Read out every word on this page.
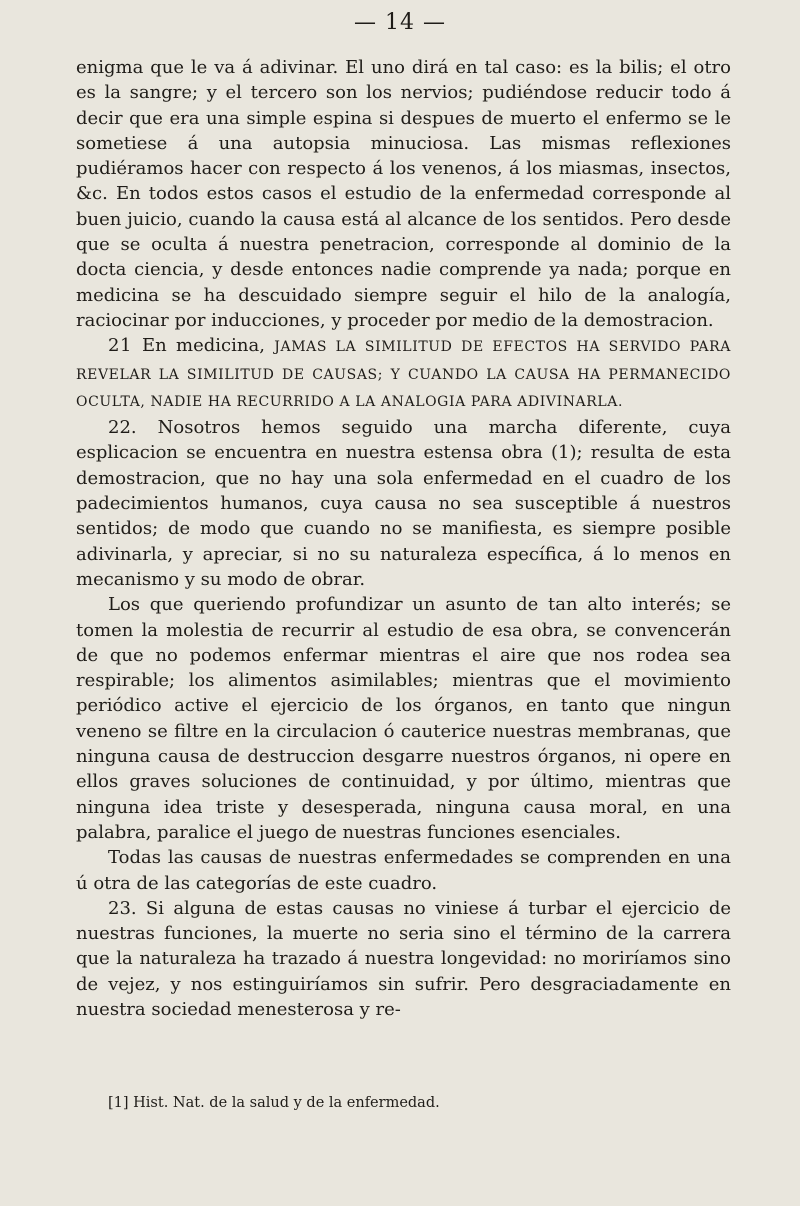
— 14 —

enigma que le va á adivinar. El uno dirá en tal caso: es la bilis; el otro es la sangre; y el tercero son los nervios; pudiéndose reducir todo á decir que era una simple espina si despues de muerto el enfermo se le sometiese á una autopsia minuciosa. Las mismas reflexiones pudiéramos hacer con respecto á los venenos, á los miasmas, insectos, &c. En todos estos casos el estudio de la enfermedad corresponde al buen juicio, cuando la causa está al alcance de los sentidos. Pero desde que se oculta á nuestra penetracion, corresponde al dominio de la docta ciencia, y desde entonces nadie comprende ya nada; porque en medicina se ha descuidado siempre seguir el hilo de la analogía, raciocinar por inducciones, y proceder por medio de la demostracion.

21 En medicina, JAMAS LA SIMILITUD DE EFECTOS HA SERVIDO PARA REVELAR LA SIMILITUD DE CAUSAS; Y CUANDO LA CAUSA HA PERMANECIDO OCULTA, NADIE HA RECURRIDO A LA ANALOGIA PARA ADIVINARLA.

22. Nosotros hemos seguido una marcha diferente, cuya esplicacion se encuentra en nuestra estensa obra (1); resulta de esta demostracion, que no hay una sola enfermedad en el cuadro de los padecimientos humanos, cuya causa no sea susceptible á nuestros sentidos; de modo que cuando no se manifiesta, es siempre posible adivinarla, y apreciar, si no su naturaleza específica, á lo menos en mecanismo y su modo de obrar.

Los que queriendo profundizar un asunto de tan alto interés; se tomen la molestia de recurrir al estudio de esa obra, se convencerán de que no podemos enfermar mientras el aire que nos rodea sea respirable; los alimentos asimilables; mientras que el movimiento periódico active el ejercicio de los órganos, en tanto que ningun veneno se filtre en la circulacion ó cauterice nuestras membranas, que ninguna causa de destruccion desgarre nuestros órganos, ni opere en ellos graves soluciones de continuidad, y por último, mientras que ninguna idea triste y desesperada, ninguna causa moral, en una palabra, paralice el juego de nuestras funciones esenciales.

Todas las causas de nuestras enfermedades se comprenden en una ú otra de las categorías de este cuadro.

23. Si alguna de estas causas no viniese á turbar el ejercicio de nuestras funciones, la muerte no seria sino el término de la carrera que la naturaleza ha trazado á nuestra longevidad: no moriríamos sino de vejez, y nos estinguiríamos sin sufrir. Pero desgraciadamente en nuestra sociedad menesterosa y re-

[1] Hist. Nat. de la salud y de la enfermedad.
